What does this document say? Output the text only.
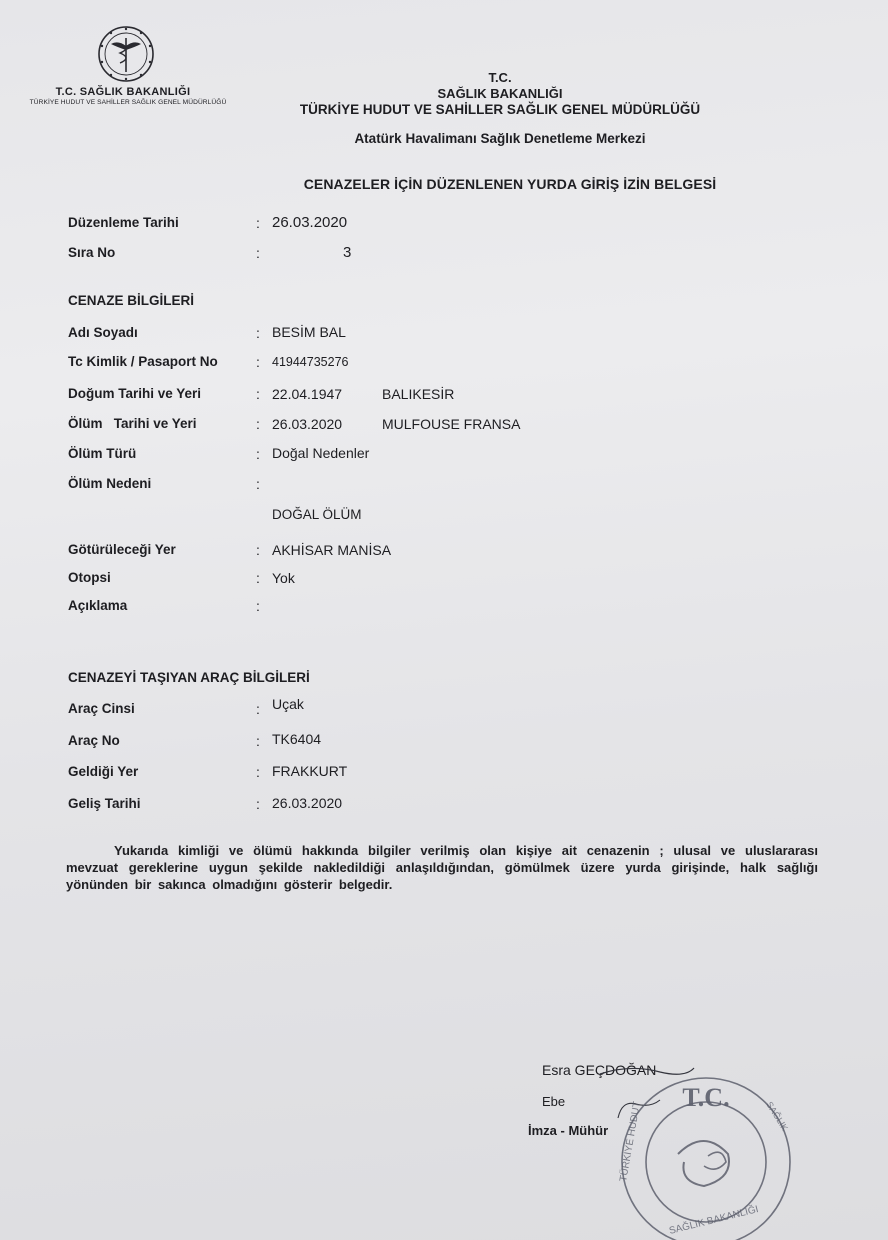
T.C. SAĞLIK BAKANLIĞI
TÜRKİYE HUDUT VE SAHİLLER SAĞLIK GENEL MÜDÜRLÜĞÜ
T.C.
SAĞLIK BAKANLIĞI
TÜRKİYE HUDUT VE SAHİLLER SAĞLIK GENEL MÜDÜRLÜĞÜ
Atatürk Havalimanı Sağlık Denetleme Merkezi
CENAZELER İÇİN DÜZENLENEN YURDA GİRİŞ İZİN BELGESİ
Düzenleme Tarihi	: 26.03.2020
Sıra No	:	3
CENAZE BİLGİLERİ
Adı Soyadı	: BESİM BAL
Tc Kimlik / Pasaport No	: 41944735276
Doğum Tarihi ve Yeri	: 22.04.1947	BALIKESİR
Ölüm   Tarihi ve Yeri	: 26.03.2020	MULFOUSE FRANSA
Ölüm Türü	: Doğal Nedenler
Ölüm Nedeni	:
DOĞAL ÖLÜM
Götürüleceği Yer	: AKHİSAR MANİSA
Otopsi	: Yok
Açıklama	:
CENAZEYİ TAŞIYAN ARAÇ BİLGİLERİ
Araç Cinsi	: Uçak
Araç No	: TK6404
Geldiği Yer	: FRAKKURT
Geliş Tarihi	: 26.03.2020
Yukarıda kimliği ve ölümü hakkında bilgiler verilmiş olan kişiye ait cenazenin ; ulusal ve uluslararası mevzuat gereklerine uygun şekilde nakledildiği anlaşıldığından, gömülmek üzere yurda girişinde, halk sağlığı yönünden bir sakınca olmadığını gösterir belgedir.
Esra GEÇDOĞAN
Ebe
İmza - Mühür
T.C.
TÜRKİYE HUDUT
SAĞLIK BAKANLIĞI
SAĞLIK
